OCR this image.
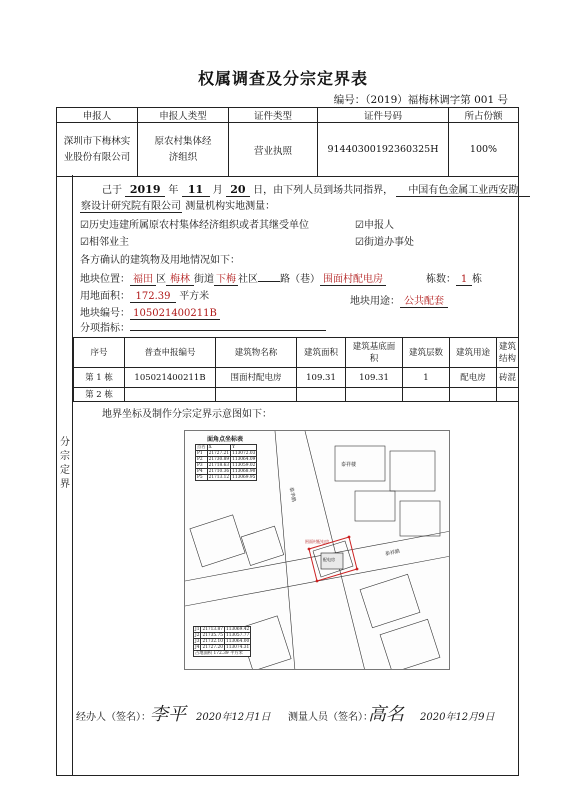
权属调查及分宗定界表
编号：（2019）福梅林调字第 001 号
申报人	申报人类型	证件类型	证件号码	所占份额
深圳市下梅林实业股份有限公司	原农村集体经济组织	营业执照	91440300192360325H	100%
分宗定界
己于 2019 年 11 月 20 日，由下列人员到场共同指界， 中国有色金属工业西安勘
察设计研究院有限公司 测量机构实地测量：
☑历史违建所属原农村集体经济组织或者其继受单位	☑申报人
☑相邻业主	☑街道办事处
各方确认的建筑物及用地情况如下：
地块位置： 福田 区 梅林 街道 下梅 社区 路（巷） 围面村配电房	栋数： 1 栋
用地面积： 172.39 平方米	地块用途： 公共配套
地块编号： 105021400211B
分项指标：
序号	普查申报编号	建筑物名称	建筑面积	建筑基底面积	建筑层数	建筑用途	建筑结构
第 1 栋	105021400211B	围面村配电房	109.31	109.31	1	配电房	砖混
第 2 栋							
地界坐标及制作分宗定界示意图如下：
面角点坐标表
点名	X	Y
P1	21727.21	113072.03
P2	21730.89	113064.09
P3	21718.63	113059.02
P4	21710.36	113068.90
P5	21713.12	113069.95
J1	21713.87	113069.42
J2	21735.75	113057.77
J3	21732.10	113064.00
J4	21727.20	113074.31
占地面积 172.39 平方米		
泰祥楼
配电房
围面村配电房
泰华路
泰祥路
经办人（签名）： 李平 2020年12月1日 测量人员（签名）：
高名 2020年12月9日
